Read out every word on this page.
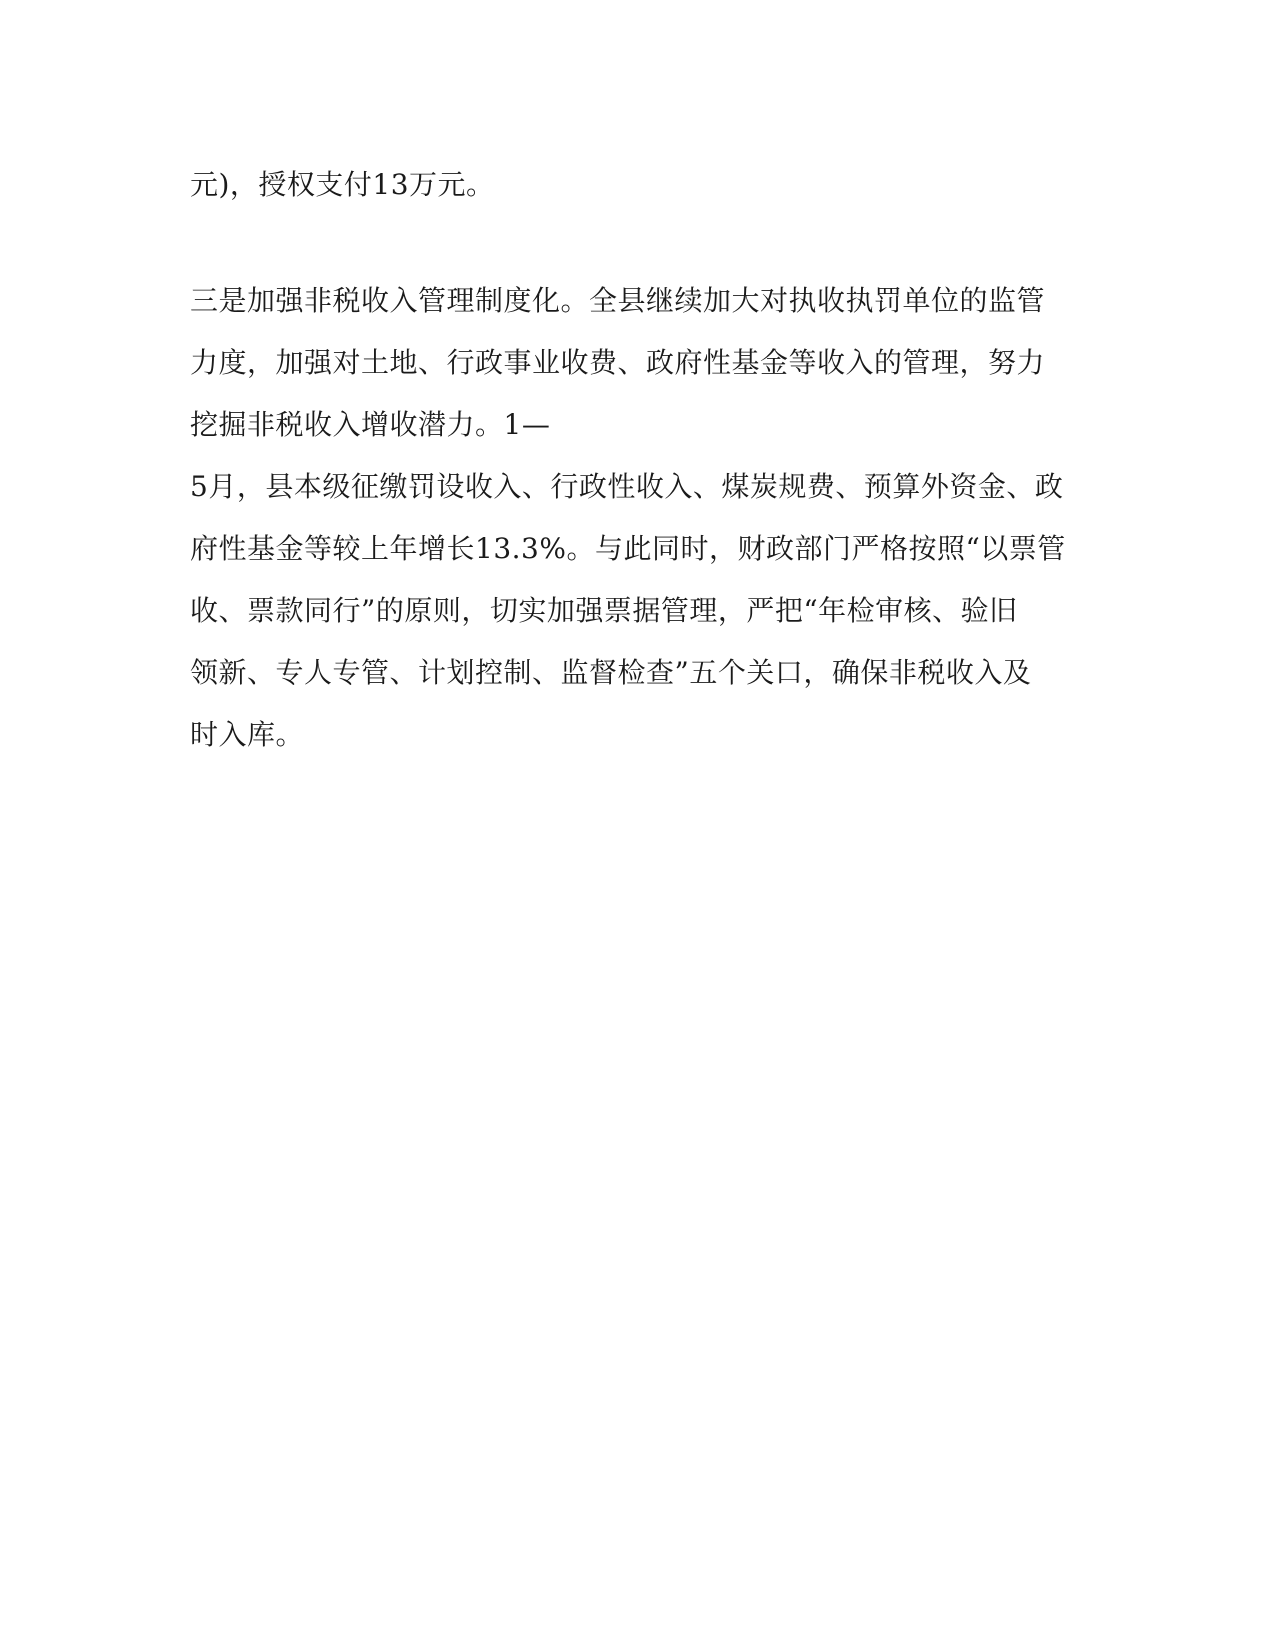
元)，授权支付13万元。
三是加强非税收入管理制度化。全县继续加大对执收执罚单位的监管
力度，加强对土地、行政事业收费、政府性基金等收入的管理，努力
挖掘非税收入增收潜力。1—
5月，县本级征缴罚设收入、行政性收入、煤炭规费、预算外资金、政
府性基金等较上年增长13.3%。与此同时，财政部门严格按照“以票管
收、票款同行”的原则，切实加强票据管理，严把“年检审核、验旧
领新、专人专管、计划控制、监督检查”五个关口，确保非税收入及
时入库。
